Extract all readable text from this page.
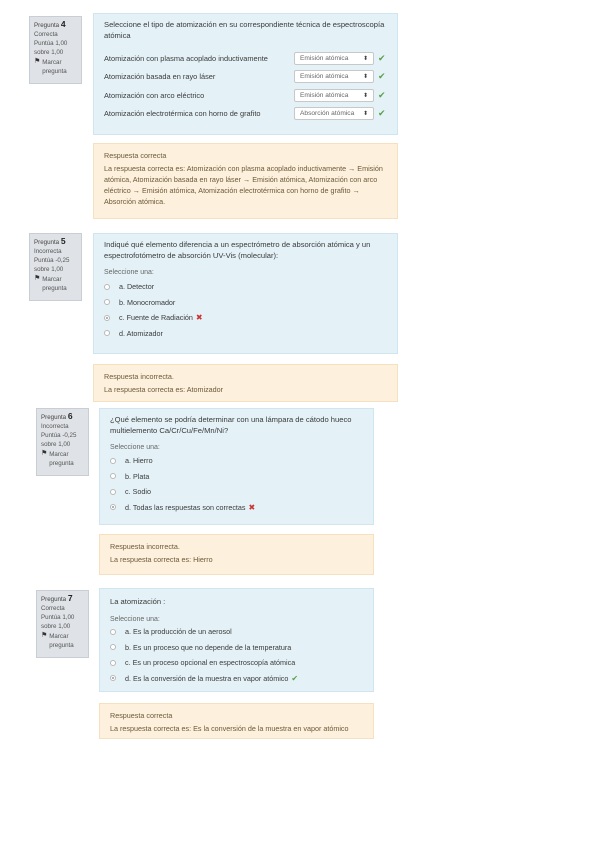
Pregunta 4
Correcta
Puntúa 1,00 sobre 1,00
⚑ Marcar pregunta
Seleccione el tipo de atomización en su correspondiente técnica de espectroscopía atómica
Atomización con plasma acoplado inductivamente	Emisión atómica ⬍ ✔
Atomización basada en rayo láser	Emisión atómica ⬍ ✔
Atomización con arco eléctrico	Emisión atómica ⬍ ✔
Atomización electrotérmica con horno de grafito	Absorción atómica ⬍ ✔
Respuesta correcta
La respuesta correcta es: Atomización con plasma acoplado inductivamente → Emisión atómica, Atomización basada en rayo láser → Emisión atómica, Atomización con arco eléctrico → Emisión atómica, Atomización electrotérmica con horno de grafito → Absorción atómica.
Pregunta 5
Incorrecta
Puntúa -0,25 sobre 1,00
⚑ Marcar pregunta
Indiqué qué elemento diferencia a un espectrómetro de absorción atómica y un espectrofotómetro de absorción UV-Vis (molecular):
Seleccione una:
a. Detector
b. Monocromador
c. Fuente de Radiación ✖
d. Atomizador
Respuesta incorrecta.
La respuesta correcta es: Atomizador
Pregunta 6
Incorrecta
Puntúa -0,25 sobre 1,00
⚑ Marcar pregunta
¿Qué elemento se podría determinar con una lámpara de cátodo hueco multielemento Ca/Cr/Cu/Fe/Mn/Ni?
Seleccione una:
a. Hierro
b. Plata
c. Sodio
d. Todas las respuestas son correctas ✖
Respuesta incorrecta.
La respuesta correcta es: Hierro
Pregunta 7
Correcta
Puntúa 1,00 sobre 1,00
⚑ Marcar pregunta
La atomización :
Seleccione una:
a. Es la producción de un aerosol
b. Es un proceso que no depende de la temperatura
c. Es un proceso opcional en espectroscopía atómica
d. Es la conversión de la muestra en vapor atómico ✔
Respuesta correcta
La respuesta correcta es: Es la conversión de la muestra en vapor atómico
